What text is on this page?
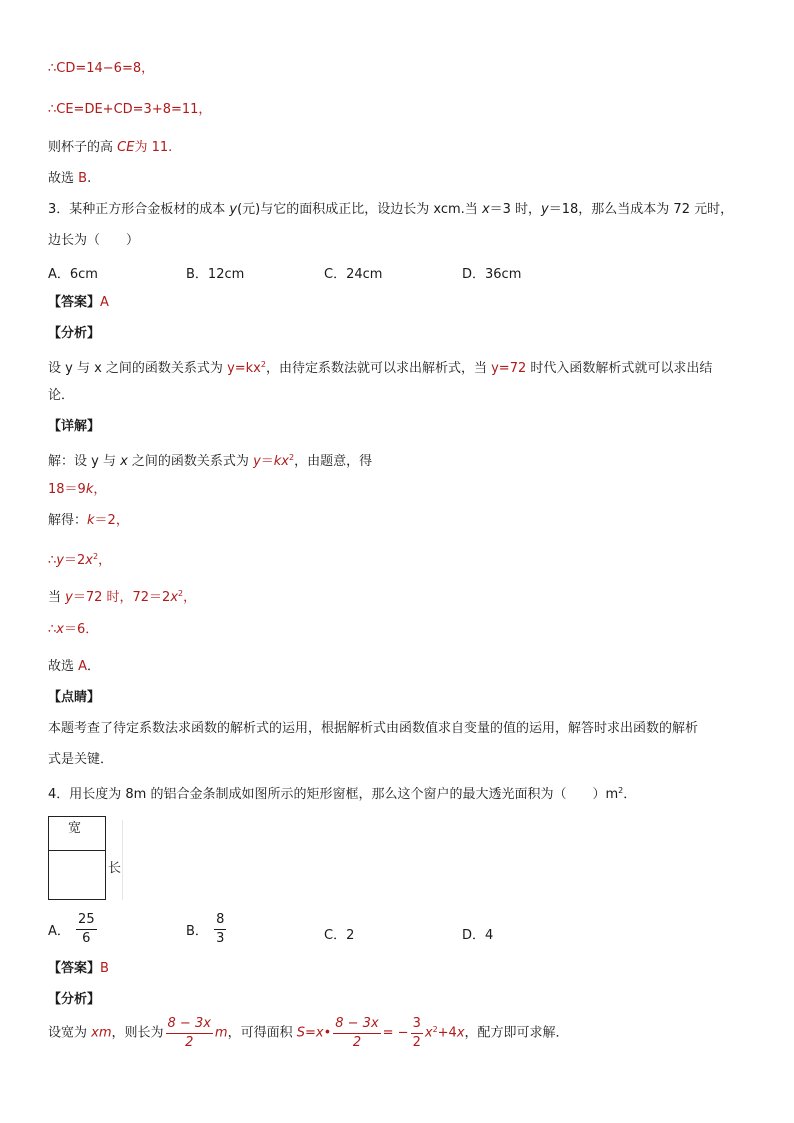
∴CD=14−6=8，
∴CE=DE+CD=3+8=11，
则杯子的高 CE为 11.
故选 B.
3．某种正方形合金板材的成本 y(元)与它的面积成正比，设边长为 xcm.当 x＝3 时，y＝18，那么当成本为 72 元时，
边长为（　　）
A．6cm	B．12cm	C．24cm	D．36cm
【答案】A
【分析】
设 y 与 x 之间的函数关系式为 $y=kx^2$，由待定系数法就可以求出解析式，当 y=72 时代入函数解析式就可以求出结
论．
【详解】
解：设 y 与 x 之间的函数关系式为 $y=kx^2$，由题意，得
18＝9k，
解得：k＝2，
$\therefore y=2x^2$，
当 y＝72 时，$72=2x^2$，
∴x＝6．
故选 A．
【点睛】
本题考查了待定系数法求函数的解析式的运用，根据解析式由函数值求自变量的值的运用，解答时求出函数的解析
式是关键．
4．用长度为 8m 的铝合金条制成如图所示的矩形窗框，那么这个窗户的最大透光面积为（　　）$m^2$．
宽
长
A． $\frac{25}{6}$	B． $\frac{8}{3}$	C．2	D．4
【答案】B
【分析】
设宽为 xm，则长为 $\frac{8 - 3x}{2}$ m，可得面积 S=x• $\frac{8 - 3x}{2}$ = − $\frac{3}{2} x^2+4x$，配方即可求解．
